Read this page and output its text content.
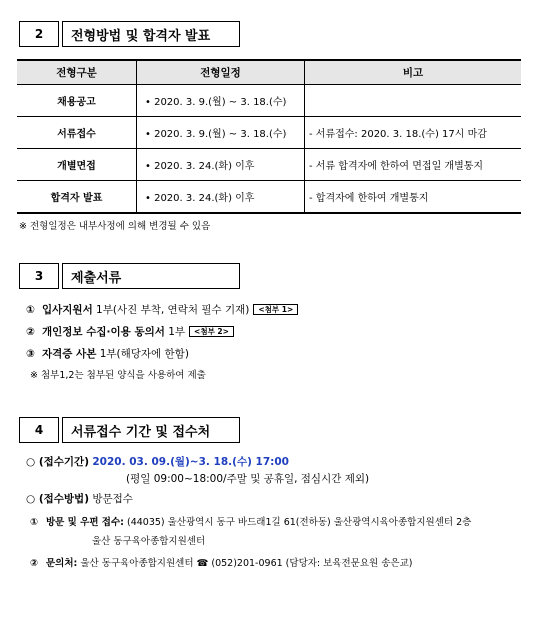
2	전형방법 및 합격자 발표
전형구분	전형일정	비고
채용공고	• 2020. 3. 9.(월) ~ 3. 18.(수)	
서류접수	• 2020. 3. 9.(월) ~ 3. 18.(수)	- 서류접수: 2020. 3. 18.(수) 17시 마감
개별면접	• 2020. 3. 24.(화) 이후	- 서류 합격자에 한하여 면접일 개별통지
합격자 발표	• 2020. 3. 24.(화) 이후	- 합격자에 한하여 개별통지
※ 전형일정은 내부사정에 의해 변경될 수 있음
3	제출서류
① 입사지원서 1부(사진 부착, 연락처 필수 기재) <첨부 1>
② 개인정보 수집·이용 동의서 1부 <첨부 2>
③ 자격증 사본 1부(해당자에 한함)
※ 첨부1,2는 첨부된 양식을 사용하여 제출
4	서류접수 기간 및 접수처
○ (접수기간) 2020. 03. 09.(월)~3. 18.(수) 17:00
(평일 09:00~18:00/주말 및 공휴일, 점심시간 제외)
○ (접수방법) 방문접수
① 방문 및 우편 접수: (44035) 울산광역시 동구 바드래1길 61(전하동) 울산광역시육아종합지원센터 2층
울산 동구육아종합지원센터
② 문의처: 울산 동구육아종합지원센터 ☎ (052)201-0961 (담당자: 보육전문요원 송은교)
